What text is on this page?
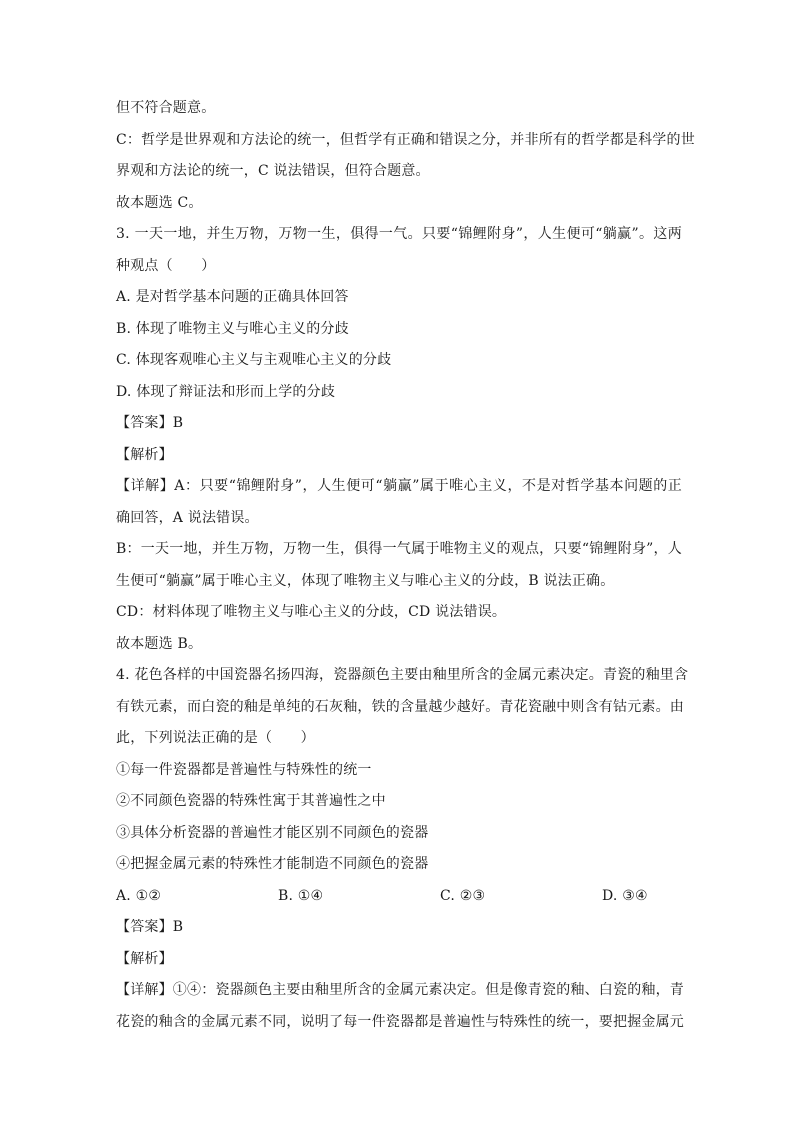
但不符合题意。
C：哲学是世界观和方法论的统一，但哲学有正确和错误之分，并非所有的哲学都是科学的世
界观和方法论的统一，C 说法错误，但符合题意。
故本题选 C。
3. 一天一地，并生万物，万物一生，俱得一气。只要“锦鲤附身”，人生便可“躺赢”。这两
种观点（　　）
A. 是对哲学基本问题的正确具体回答
B. 体现了唯物主义与唯心主义的分歧
C. 体现客观唯心主义与主观唯心主义的分歧
D. 体现了辩证法和形而上学的分歧
【答案】B
【解析】
【详解】A：只要“锦鲤附身”，人生便可“躺赢”属于唯心主义，不是对哲学基本问题的正
确回答，A 说法错误。
B：一天一地，并生万物，万物一生，俱得一气属于唯物主义的观点，只要“锦鲤附身”，人
生便可“躺赢”属于唯心主义，体现了唯物主义与唯心主义的分歧，B 说法正确。
CD：材料体现了唯物主义与唯心主义的分歧，CD 说法错误。
故本题选 B。
4. 花色各样的中国瓷器名扬四海，瓷器颜色主要由釉里所含的金属元素决定。青瓷的釉里含
有铁元素，而白瓷的釉是单纯的石灰釉，铁的含量越少越好。青花瓷融中则含有钴元素。由
此，下列说法正确的是（　　）
①每一件瓷器都是普遍性与特殊性的统一
②不同颜色瓷器的特殊性寓于其普遍性之中
③具体分析瓷器的普遍性才能区别不同颜色的瓷器
④把握金属元素的特殊性才能制造不同颜色的瓷器
A. ①②	B. ①④	C. ②③	D. ③④
【答案】B
【解析】
【详解】①④：瓷器颜色主要由釉里所含的金属元素决定。但是像青瓷的釉、白瓷的釉，青
花瓷的釉含的金属元素不同，说明了每一件瓷器都是普遍性与特殊性的统一，要把握金属元
